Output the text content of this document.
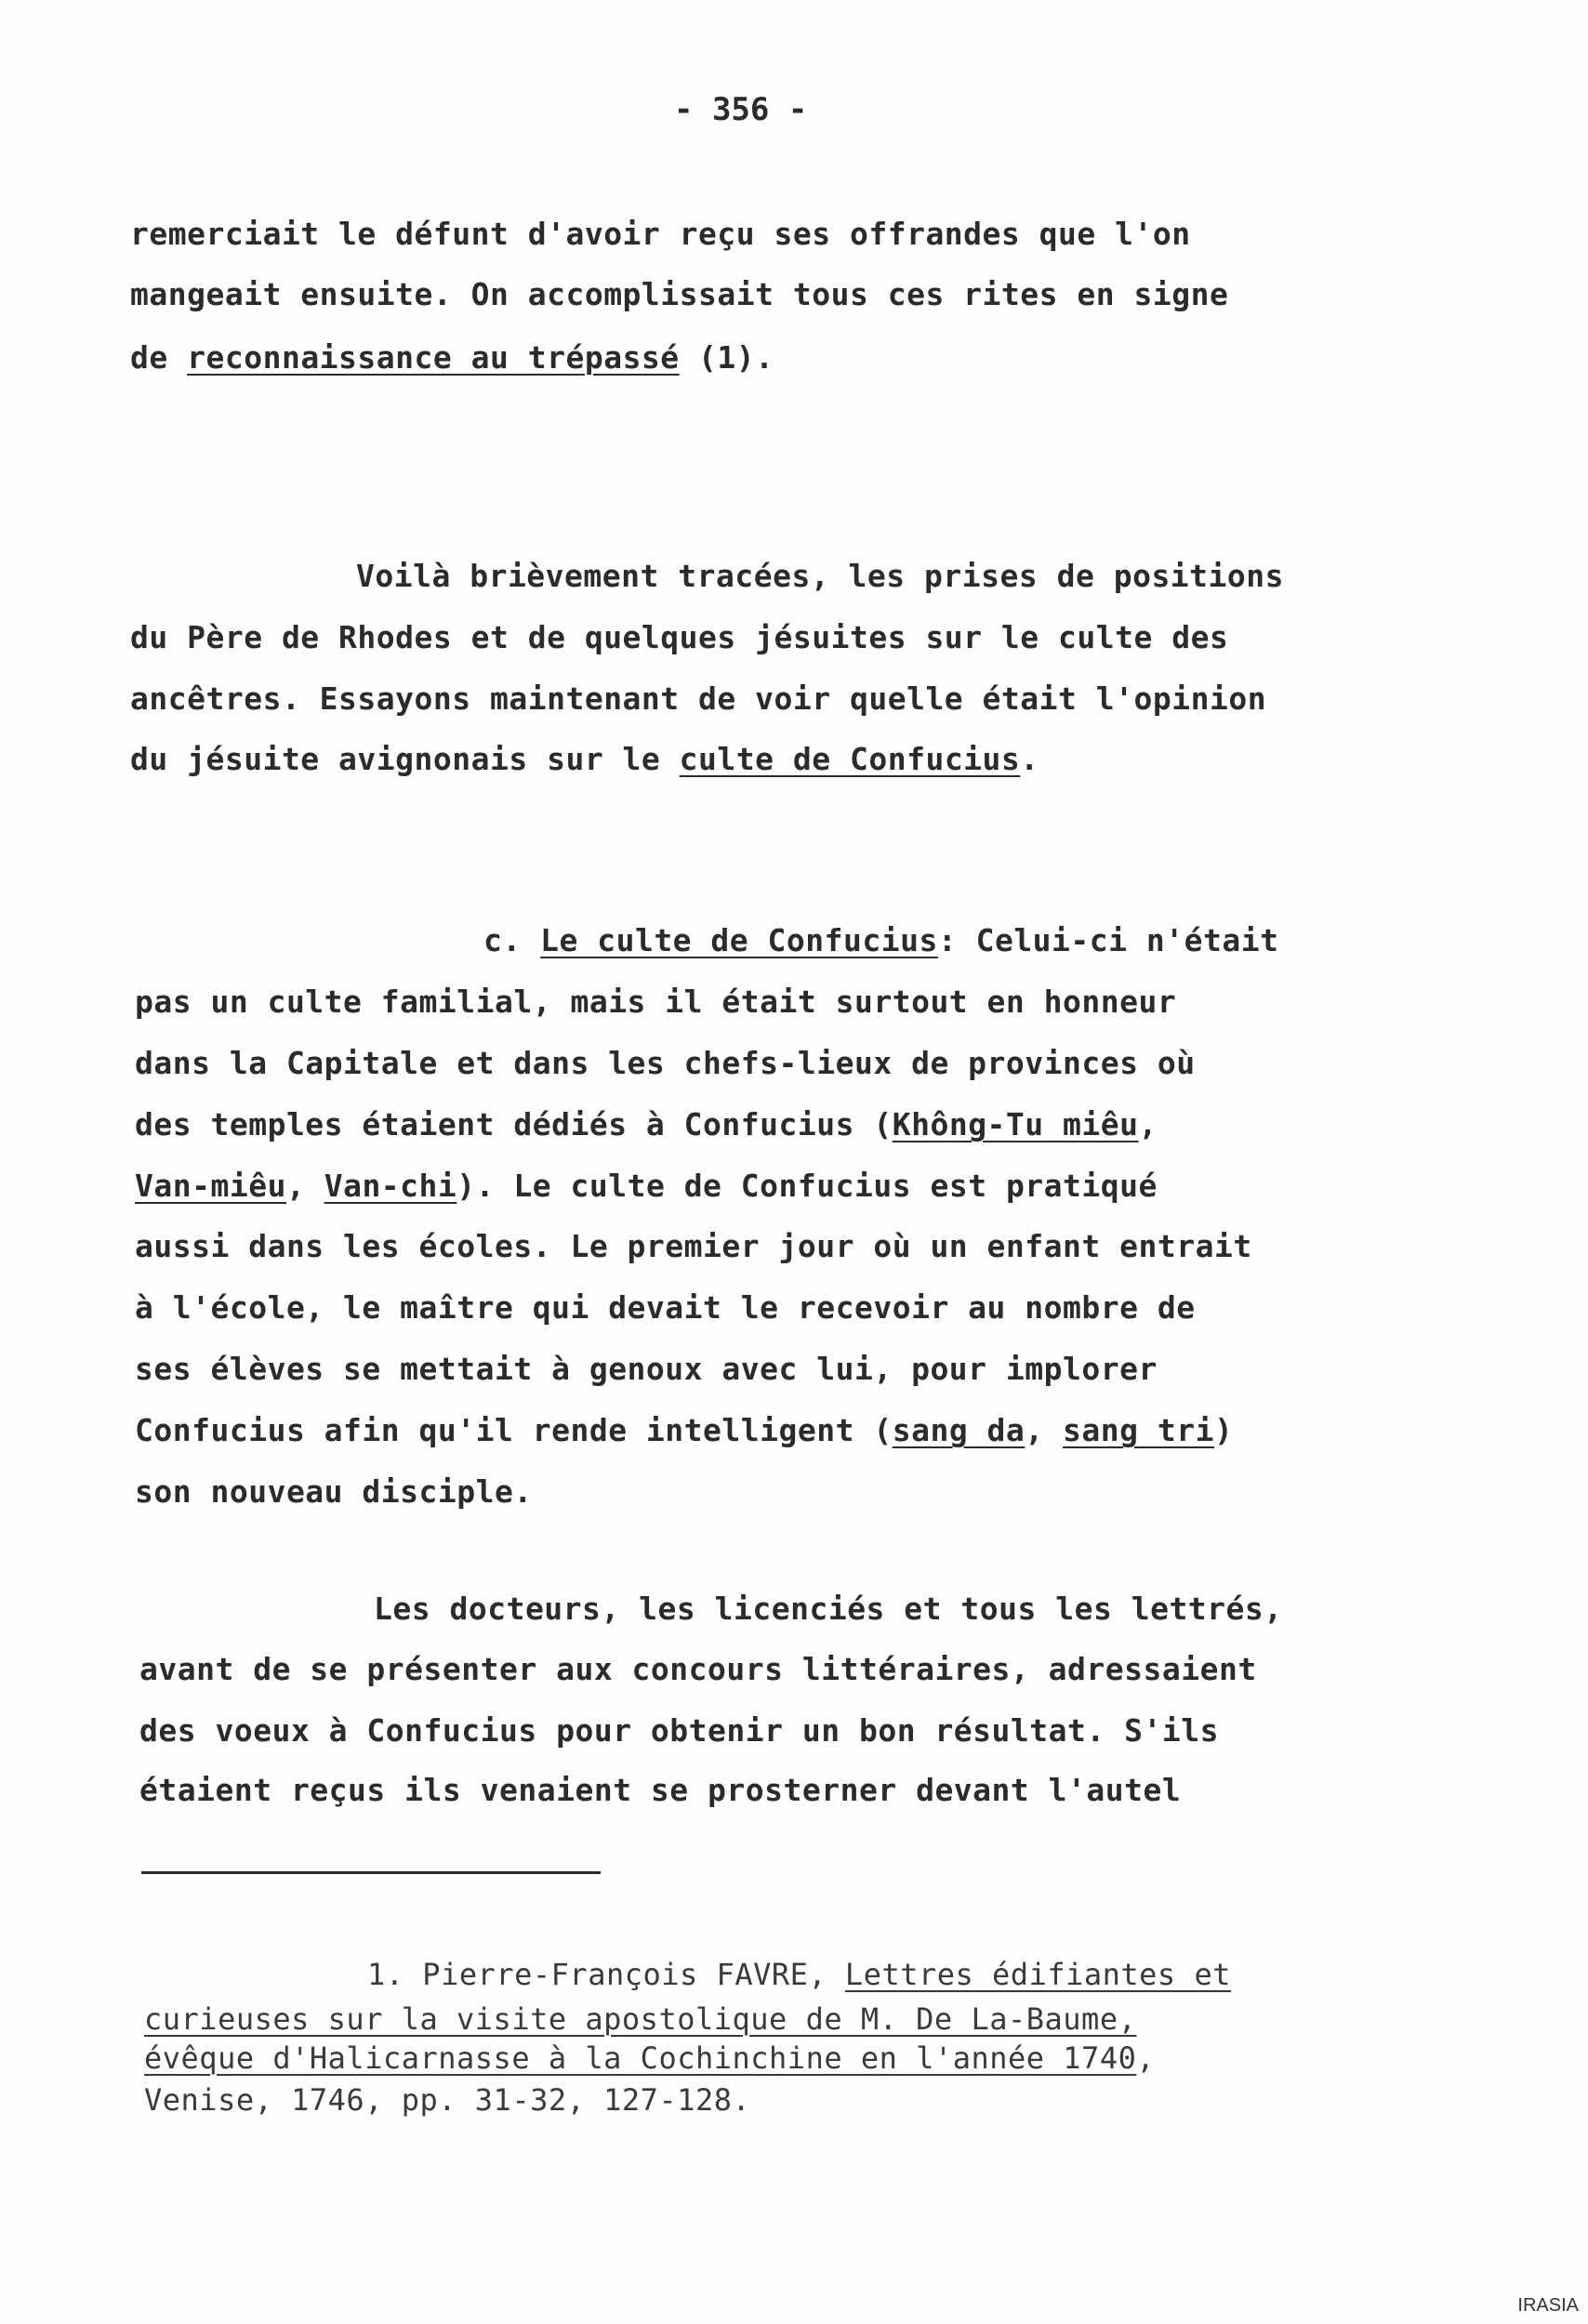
- 356 -
remerciait le défunt d'avoir reçu ses offrandes que l'on
mangeait ensuite. On accomplissait tous ces rites en signe
de reconnaissance au trépassé (1).
Voilà brièvement tracées, les prises de positions
du Père de Rhodes et de quelques jésuites sur le culte des
ancêtres. Essayons maintenant de voir quelle était l'opinion
du jésuite avignonais sur le culte de Confucius.
c. Le culte de Confucius: Celui-ci n'était
pas un culte familial, mais il était surtout en honneur
dans la Capitale et dans les chefs-lieux de provinces où
des temples étaient dédiés à Confucius (Không-Tu miêu,
Van-miêu, Van-chi). Le culte de Confucius est pratiqué
aussi dans les écoles. Le premier jour où un enfant entrait
à l'école, le maître qui devait le recevoir au nombre de
ses élèves se mettait à genoux avec lui, pour implorer
Confucius afin qu'il rende intelligent (sang da, sang tri)
son nouveau disciple.
Les docteurs, les licenciés et tous les lettrés,
avant de se présenter aux concours littéraires, adressaient
des voeux à Confucius pour obtenir un bon résultat. S'ils
étaient reçus ils venaient se prosterner devant l'autel
1. Pierre-François FAVRE, Lettres édifiantes et
curieuses sur la visite apostolique de M. De La-Baume,
évêque d'Halicarnasse à la Cochinchine en l'année 1740,
Venise, 1746, pp. 31-32, 127-128.
IRASIA
